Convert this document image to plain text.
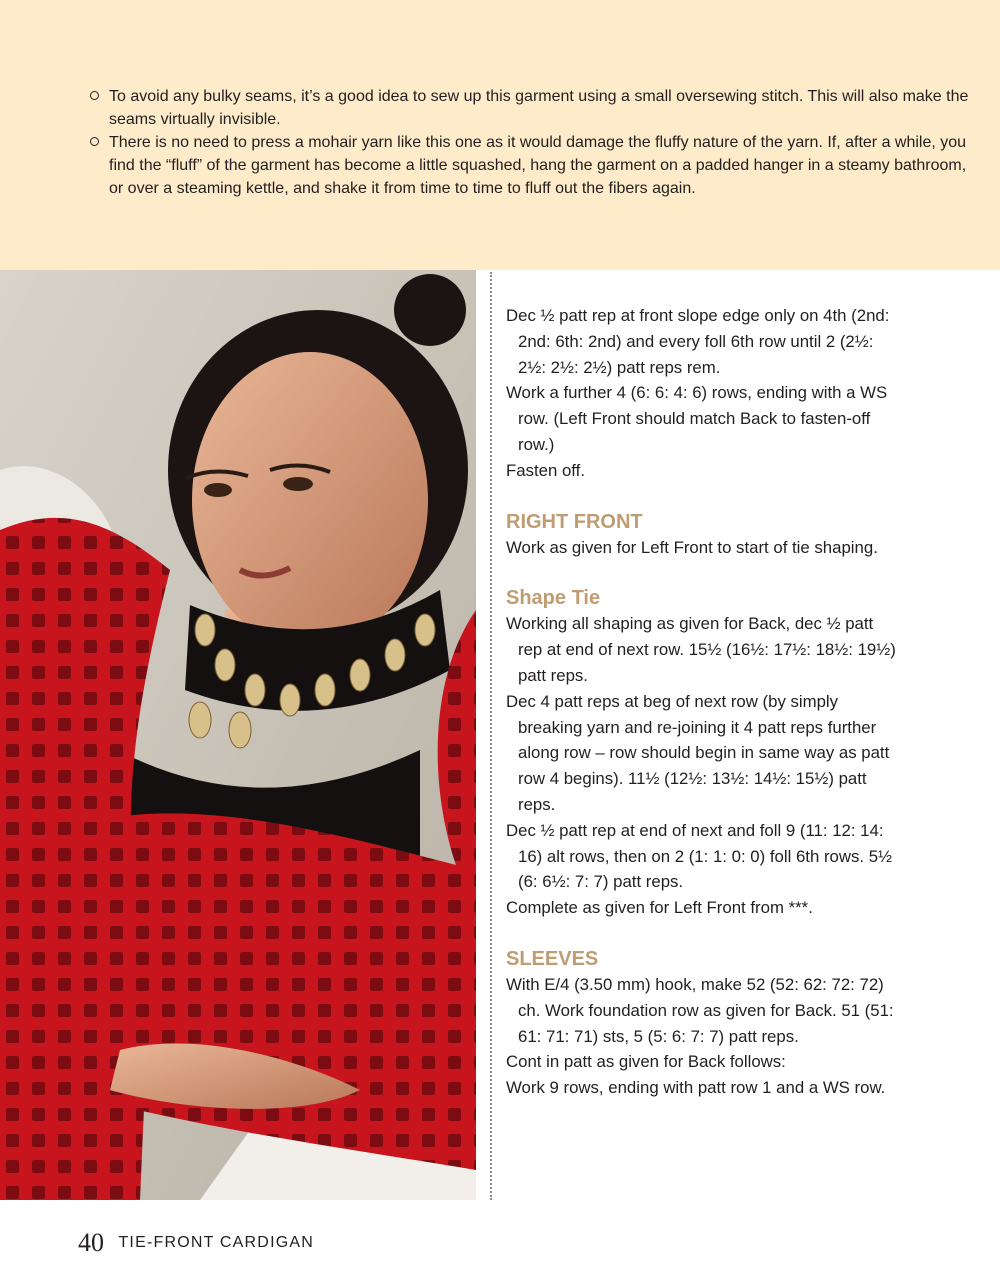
To avoid any bulky seams, it’s a good idea to sew up this garment using a small oversewing stitch. This will also make the seams virtually invisible.
There is no need to press a mohair yarn like this one as it would damage the fluffy nature of the yarn. If, after a while, you find the “fluff” of the garment has become a little squashed, hang the garment on a padded hanger in a steamy bathroom, or over a steaming kettle, and shake it from time to time to fluff out the fibers again.

Dec ½ patt rep at front slope edge only on 4th (2nd: 2nd: 6th: 2nd) and every foll 6th row until 2 (2½: 2½: 2½: 2½) patt reps rem.

Work a further 4 (6: 6: 4: 6) rows, ending with a WS row. (Left Front should match Back to fasten-off row.)

Fasten off.

RIGHT FRONT

Work as given for Left Front to start of tie shaping.

Shape Tie

Working all shaping as given for Back, dec ½ patt rep at end of next row. 15½ (16½: 17½: 18½: 19½) patt reps.

Dec 4 patt reps at beg of next row (by simply breaking yarn and re-joining it 4 patt reps further along row – row should begin in same way as patt row 4 begins). 11½ (12½: 13½: 14½: 15½) patt reps.

Dec ½ patt rep at end of next and foll 9 (11: 12: 14: 16) alt rows, then on 2 (1: 1: 0: 0) foll 6th rows. 5½ (6: 6½: 7: 7) patt reps.

Complete as given for Left Front from ***.

SLEEVES

With E/4 (3.50 mm) hook, make 52 (52: 62: 72: 72) ch. Work foundation row as given for Back. 51 (51: 61: 71: 71) sts, 5 (5: 6: 7: 7) patt reps.

Cont in patt as given for Back follows:

Work 9 rows, ending with patt row 1 and a WS row.

40 TIE-FRONT CARDIGAN
